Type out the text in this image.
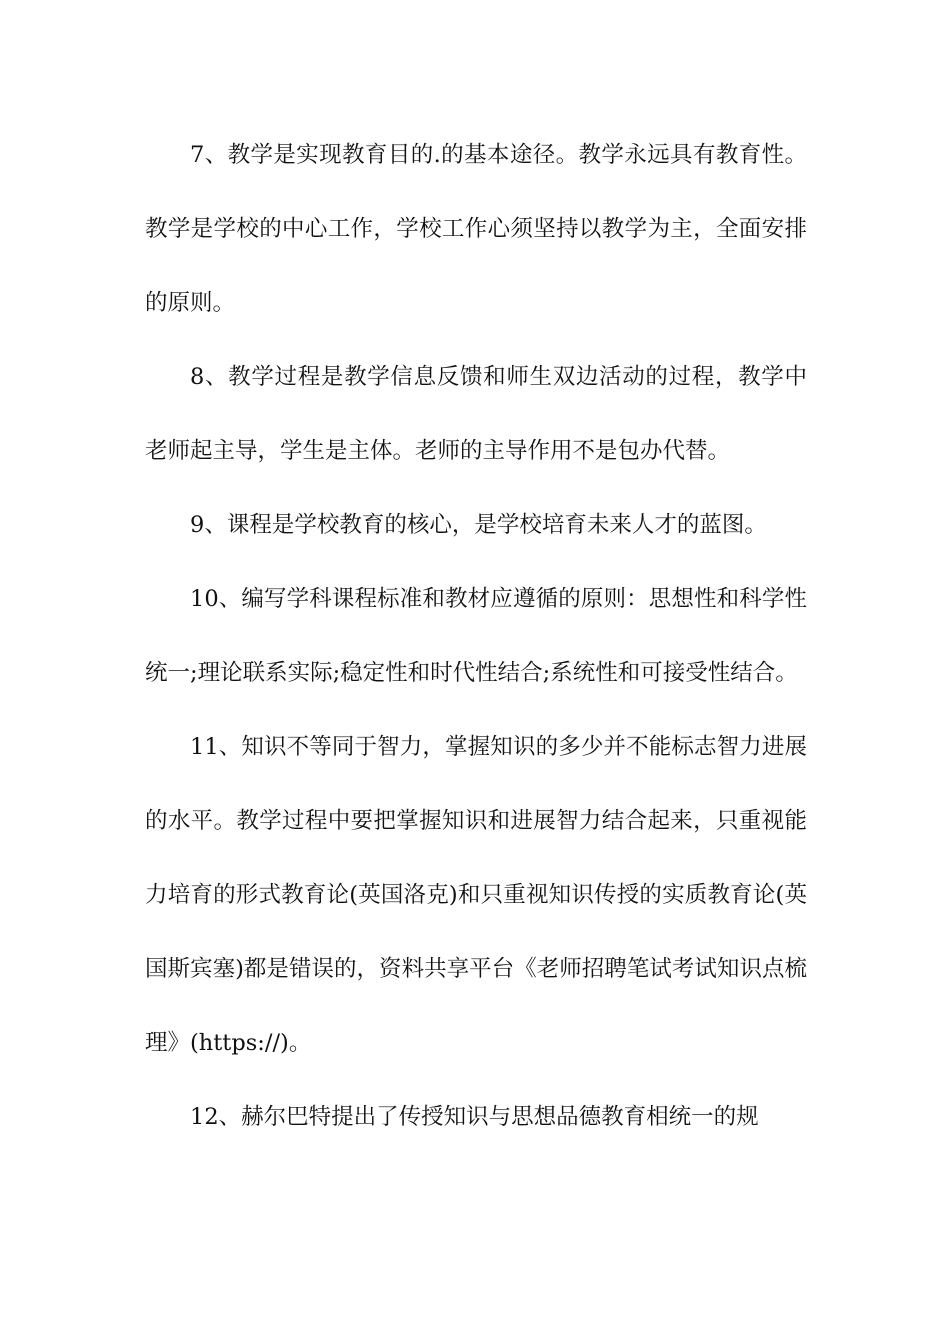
7、教学是实现教育目的.的基本途径。教学永远具有教育性。教学是学校的中心工作，学校工作心须坚持以教学为主，全面安排的原则。

8、教学过程是教学信息反馈和师生双边活动的过程，教学中老师起主导，学生是主体。老师的主导作用不是包办代替。

9、课程是学校教育的核心，是学校培育未来人才的蓝图。

10、编写学科课程标准和教材应遵循的原则：思想性和科学性统一;理论联系实际;稳定性和时代性结合;系统性和可接受性结合。

11、知识不等同于智力，掌握知识的多少并不能标志智力进展的水平。教学过程中要把掌握知识和进展智力结合起来，只重视能力培育的形式教育论(英国洛克)和只重视知识传授的实质教育论(英国斯宾塞)都是错误的，资料共享平台《老师招聘笔试考试知识点梳理》(https://)。

12、赫尔巴特提出了传授知识与思想品德教育相统一的规
